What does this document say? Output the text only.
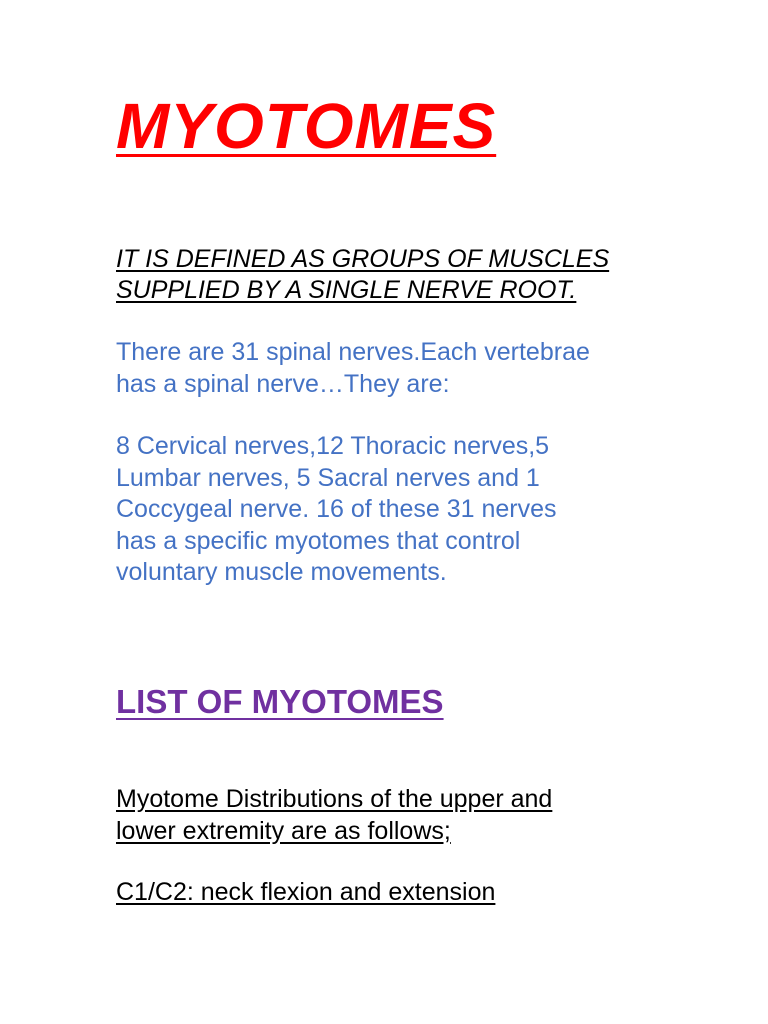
MYOTOMES

IT IS DEFINED AS GROUPS OF MUSCLES
SUPPLIED BY A SINGLE NERVE ROOT.

There are 31 spinal nerves.Each vertebrae
has a spinal nerve…They are:

8 Cervical nerves,12 Thoracic nerves,5
Lumbar nerves, 5 Sacral nerves and 1
Coccygeal nerve. 16 of these 31 nerves
has a specific myotomes that control
voluntary muscle movements.

LIST OF MYOTOMES

Myotome Distributions of the upper and
lower extremity are as follows;

C1/C2: neck flexion and extension
